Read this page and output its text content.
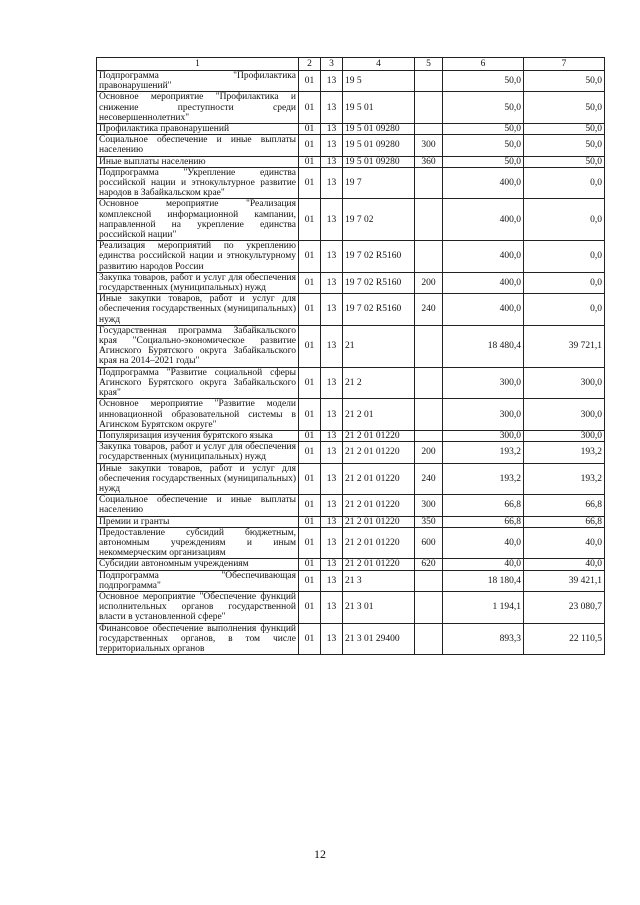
1	2	3	4	5	6	7
Подпрограмма "Профилактика правонарушений"	01	13	19 5		50,0	50,0
Основное мероприятие "Профилактика и снижение преступности среди несовершеннолетних"	01	13	19 5 01		50,0	50,0
Профилактика правонарушений	01	13	19 5 01 09280		50,0	50,0
Социальное обеспечение и иные выплаты населению	01	13	19 5 01 09280	300	50,0	50,0
Иные выплаты населению	01	13	19 5 01 09280	360	50,0	50,0
Подпрограмма "Укрепление единства российской нации и этнокультурное развитие народов в Забайкальском крае"	01	13	19 7		400,0	0,0
Основное мероприятие "Реализация комплексной информационной кампании, направленной на укрепление единства российской нации"	01	13	19 7 02		400,0	0,0
Реализация мероприятий по укреплению единства российской нации и этнокультурному развитию народов России	01	13	19 7 02 R5160		400,0	0,0
Закупка товаров, работ и услуг для обеспечения государственных (муниципальных) нужд	01	13	19 7 02 R5160	200	400,0	0,0
Иные закупки товаров, работ и услуг для обеспечения государственных (муниципальных) нужд	01	13	19 7 02 R5160	240	400,0	0,0
Государственная программа Забайкальского края "Социально-экономическое развитие Агинского Бурятского округа Забайкальского края на 2014–2021 годы"	01	13	21		18 480,4	39 721,1
Подпрограмма "Развитие социальной сферы Агинского Бурятского округа Забайкальского края"	01	13	21 2		300,0	300,0
Основное мероприятие "Развитие модели инновационной образовательной системы в Агинском Бурятском округе"	01	13	21 2 01		300,0	300,0
Популяризация изучения бурятского языка	01	13	21 2 01 01220		300,0	300,0
Закупка товаров, работ и услуг для обеспечения государственных (муниципальных) нужд	01	13	21 2 01 01220	200	193,2	193,2
Иные закупки товаров, работ и услуг для обеспечения государственных (муниципальных) нужд	01	13	21 2 01 01220	240	193,2	193,2
Социальное обеспечение и иные выплаты населению	01	13	21 2 01 01220	300	66,8	66,8
Премии и гранты	01	13	21 2 01 01220	350	66,8	66,8
Предоставление субсидий бюджетным, автономным учреждениям и иным некоммерческим организациям	01	13	21 2 01 01220	600	40,0	40,0
Субсидии автономным учреждениям	01	13	21 2 01 01220	620	40,0	40,0
Подпрограмма "Обеспечивающая подпрограмма"	01	13	21 3		18 180,4	39 421,1
Основное мероприятие "Обеспечение функций исполнительных органов государственной власти в установленной сфере"	01	13	21 3 01		1 194,1	23 080,7
Финансовое обеспечение выполнения функций государственных органов, в том числе территориальных органов	01	13	21 3 01 29400		893,3	22 110,5
12
